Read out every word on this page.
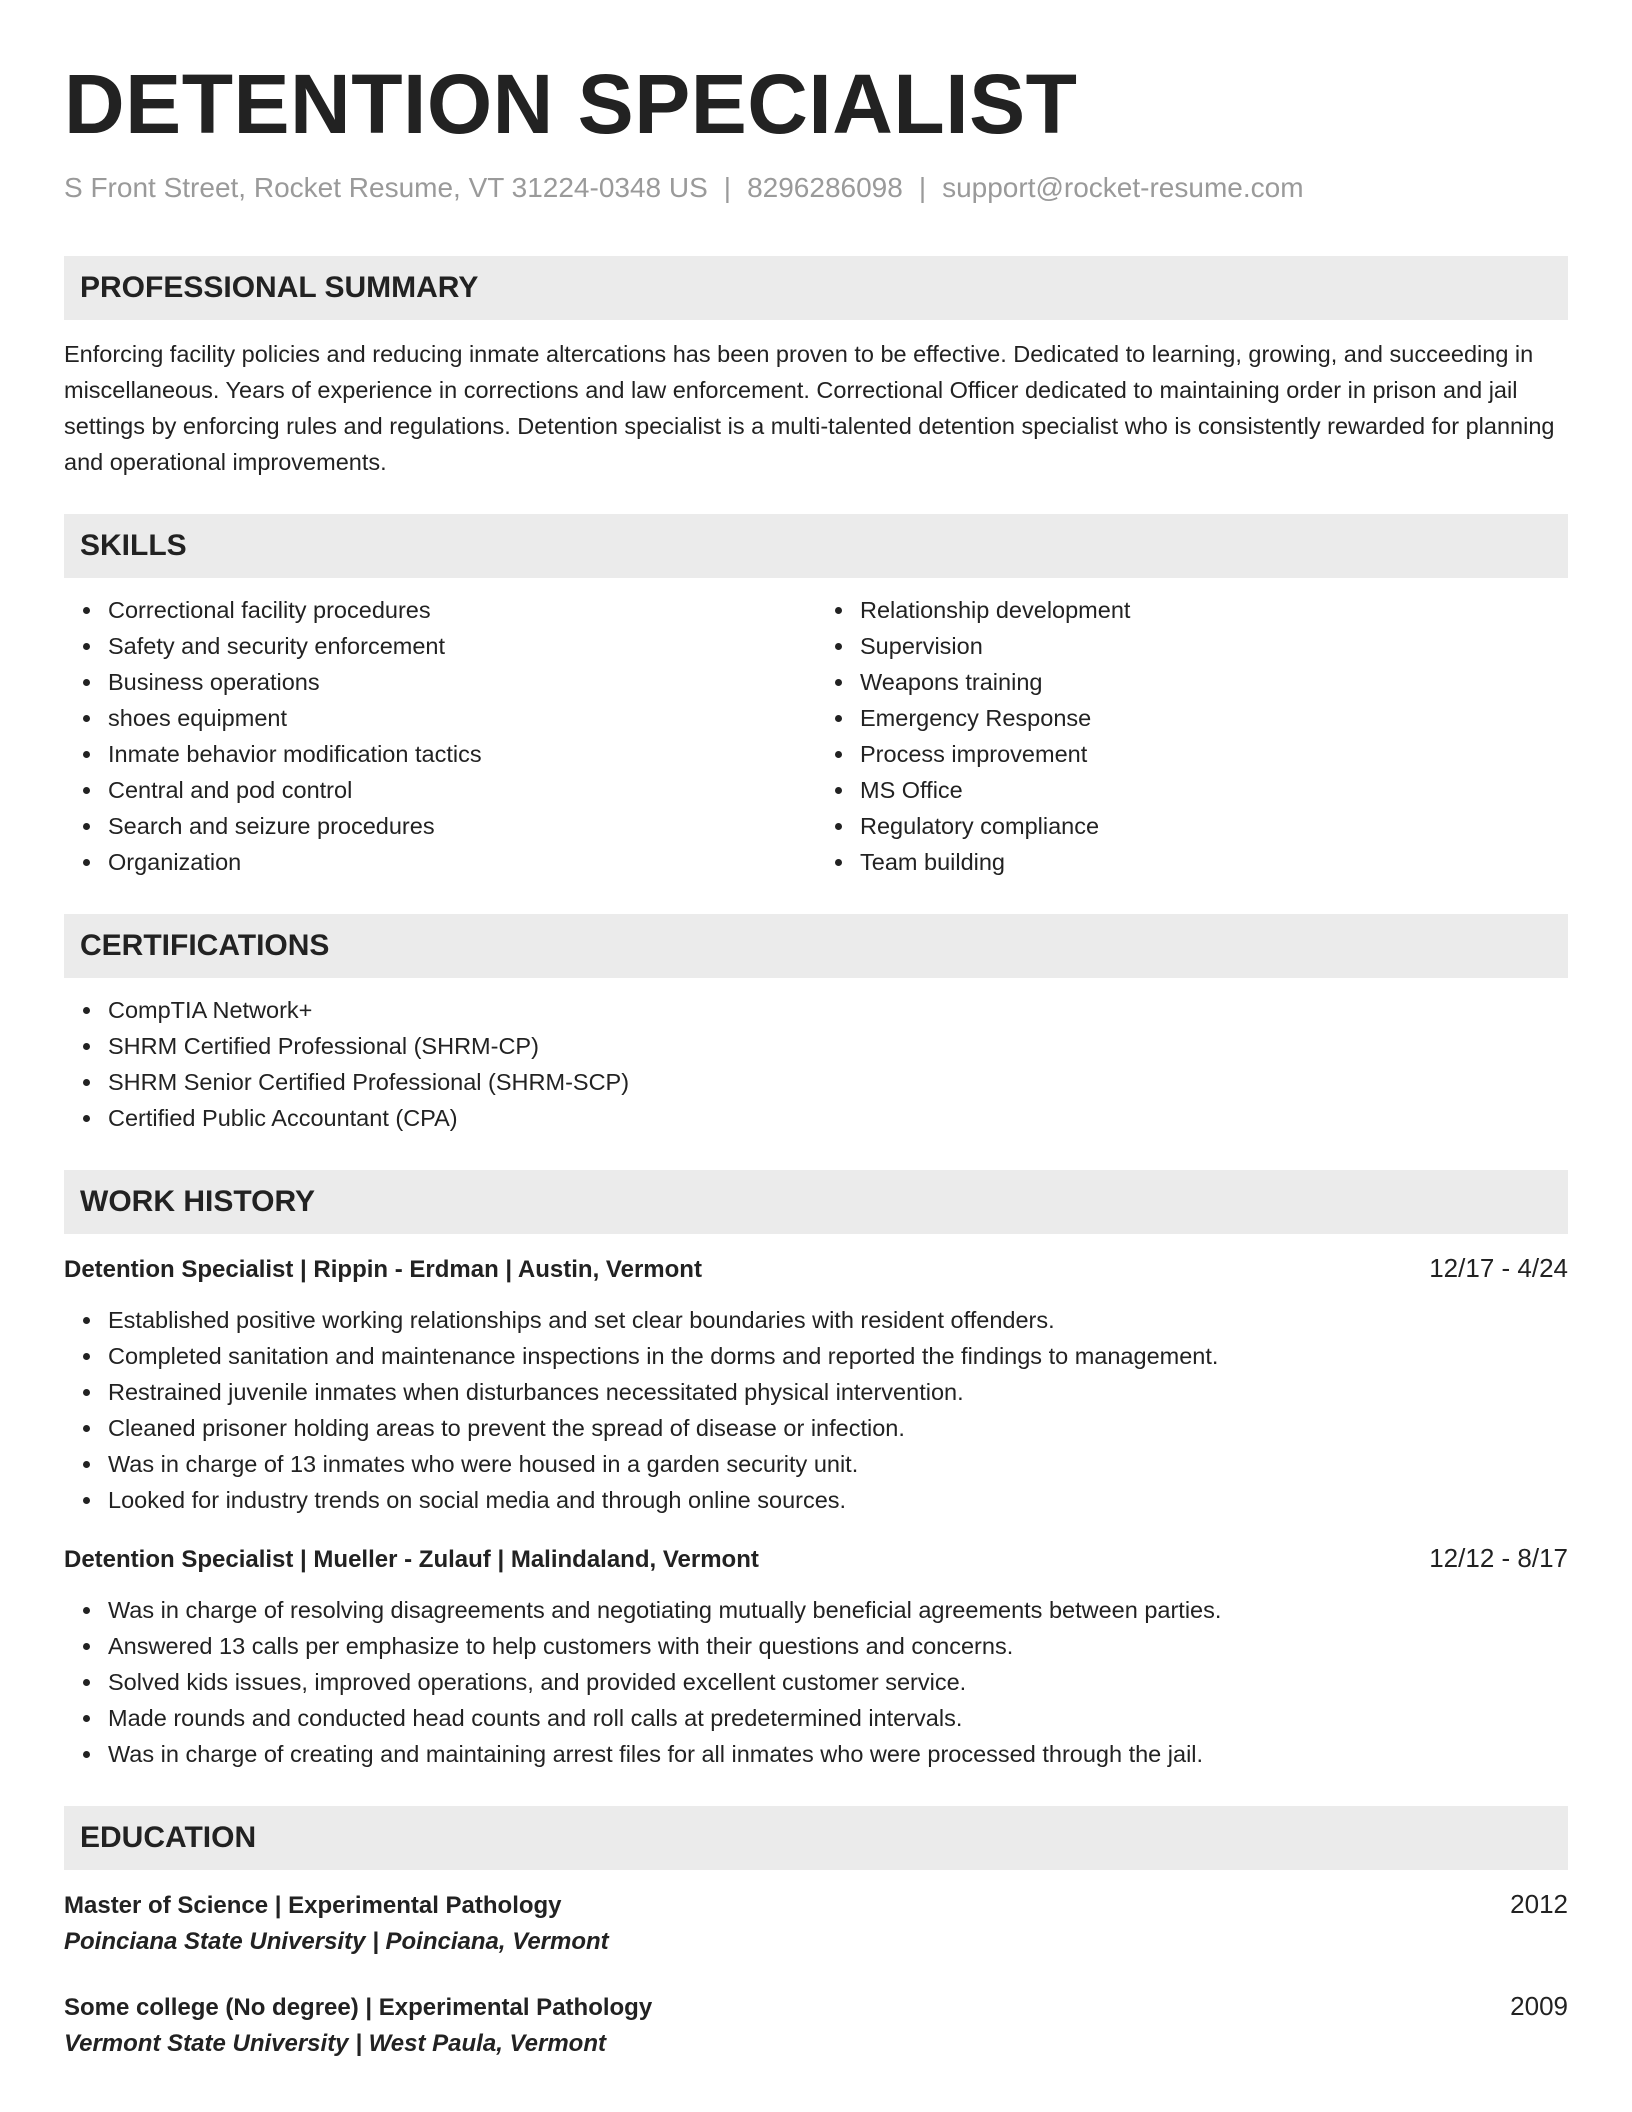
DETENTION SPECIALIST
S Front Street, Rocket Resume, VT 31224-0348 US | 8296286098 | support@rocket-resume.com
PROFESSIONAL SUMMARY
Enforcing facility policies and reducing inmate altercations has been proven to be effective. Dedicated to learning, growing, and succeeding in miscellaneous. Years of experience in corrections and law enforcement. Correctional Officer dedicated to maintaining order in prison and jail settings by enforcing rules and regulations. Detention specialist is a multi-talented detention specialist who is consistently rewarded for planning and operational improvements.
SKILLS
Correctional facility procedures
Safety and security enforcement
Business operations
shoes equipment
Inmate behavior modification tactics
Central and pod control
Search and seizure procedures
Organization
Relationship development
Supervision
Weapons training
Emergency Response
Process improvement
MS Office
Regulatory compliance
Team building
CERTIFICATIONS
CompTIA Network+
SHRM Certified Professional (SHRM-CP)
SHRM Senior Certified Professional (SHRM-SCP)
Certified Public Accountant (CPA)
WORK HISTORY
Detention Specialist | Rippin - Erdman | Austin, Vermont	12/17 - 4/24
Established positive working relationships and set clear boundaries with resident offenders.
Completed sanitation and maintenance inspections in the dorms and reported the findings to management.
Restrained juvenile inmates when disturbances necessitated physical intervention.
Cleaned prisoner holding areas to prevent the spread of disease or infection.
Was in charge of 13 inmates who were housed in a garden security unit.
Looked for industry trends on social media and through online sources.
Detention Specialist | Mueller - Zulauf | Malindaland, Vermont	12/12 - 8/17
Was in charge of resolving disagreements and negotiating mutually beneficial agreements between parties.
Answered 13 calls per emphasize to help customers with their questions and concerns.
Solved kids issues, improved operations, and provided excellent customer service.
Made rounds and conducted head counts and roll calls at predetermined intervals.
Was in charge of creating and maintaining arrest files for all inmates who were processed through the jail.
EDUCATION
Master of Science | Experimental Pathology	2012
Poinciana State University | Poinciana, Vermont
Some college (No degree) | Experimental Pathology	2009
Vermont State University | West Paula, Vermont
